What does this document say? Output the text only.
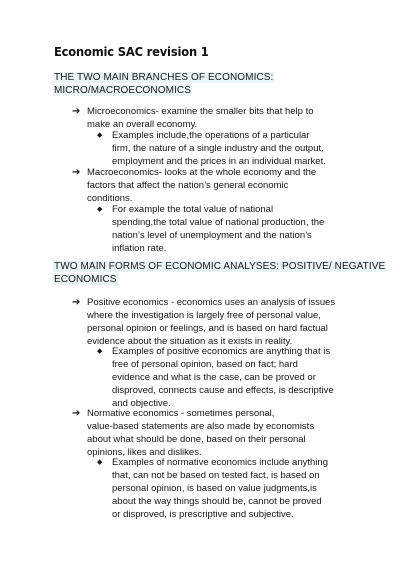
Economic SAC revision 1
THE TWO MAIN BRANCHES OF ECONOMICS:
MICRO/MACROECONOMICS
➔ Microeconomics- examine the smaller bits that help to
make an overall economy.
◆ Examples include,the operations of a particular
firm, the nature of a single industry and the output,
employment and the prices in an individual market.
➔ Macroeconomics- looks at the whole economy and the
factors that affect the nation’s general economic
conditions.
◆ For example the total value of national
spending,the total value of national production, the
nation’s level of unemployment and the nation’s
inflation rate.
TWO MAIN FORMS OF ECONOMIC ANALYSES: POSITIVE/ NEGATIVE
ECONOMICS
➔ Positive economics - economics uses an analysis of issues
where the investigation is largely free of personal value,
personal opinion or feelings, and is based on hard factual
evidence about the situation as it exists in reality.
◆ Examples of positive economics are anything that is
free of personal opinion, based on fact; hard
evidence and what is the case, can be proved or
disproved, connects cause and effects, is descriptive
and objective.
➔ Normative economics - sometimes personal,
value-based statements are also made by economists
about what should be done, based on their personal
opinions, likes and dislikes.
◆ Examples of normative economics include anything
that, can not be based on tested fact, is based on
personal opinion, is based on value judgments,is
about the way things should be, cannot be proved
or disproved, is prescriptive and subjective.
